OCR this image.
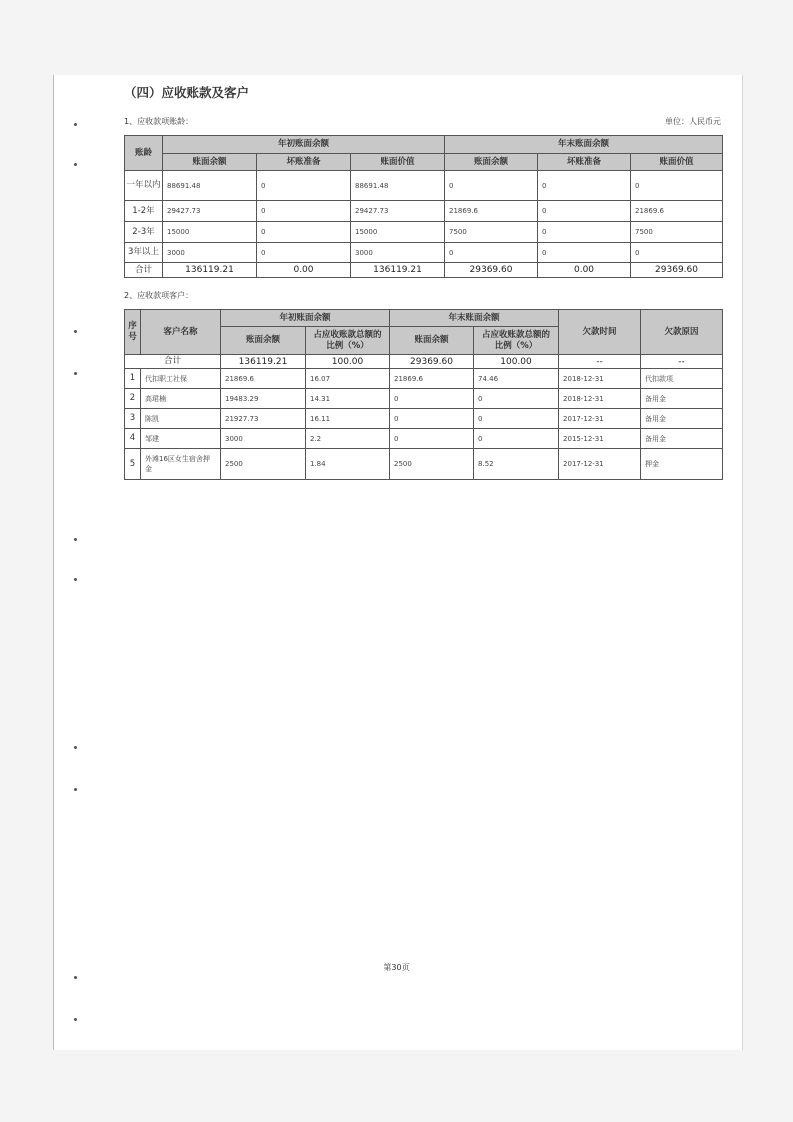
（四）应收账款及客户
1、应收款项账龄：	单位：人民币元
账龄	年初账面余额			年末账面余额		
	账面余额	坏账准备	账面价值	账面余额	坏账准备	账面价值
一年以内	88691.48	0	88691.48	0	0	0
1-2年	29427.73	0	29427.73	21869.6	0	21869.6
2-3年	15000	0	15000	7500	0	7500
3年以上	3000	0	3000	0	0	0
合计	136119.21	0.00	136119.21	29369.60	0.00	29369.60
2、应收款项客户：
序号	客户名称	年初账面余额		年末账面余额		欠款时间	欠款原因
		账面余额	占应收账款总额的比例（%）	账面余额	占应收账款总额的比例（%）		
合计		136119.21	100.00	29369.60	100.00	--	--
1	代扣职工社保	21869.6	16.07	21869.6	74.46	2018-12-31	代扣款项
2	高珺楠	19483.29	14.31	0	0	2018-12-31	备用金
3	陈凯	21927.73	16.11	0	0	2017-12-31	备用金
4	邹建	3000	2.2	0	0	2015-12-31	备用金
5	外滩16区女生宿舍押金	2500	1.84	2500	8.52	2017-12-31	押金
第30页
